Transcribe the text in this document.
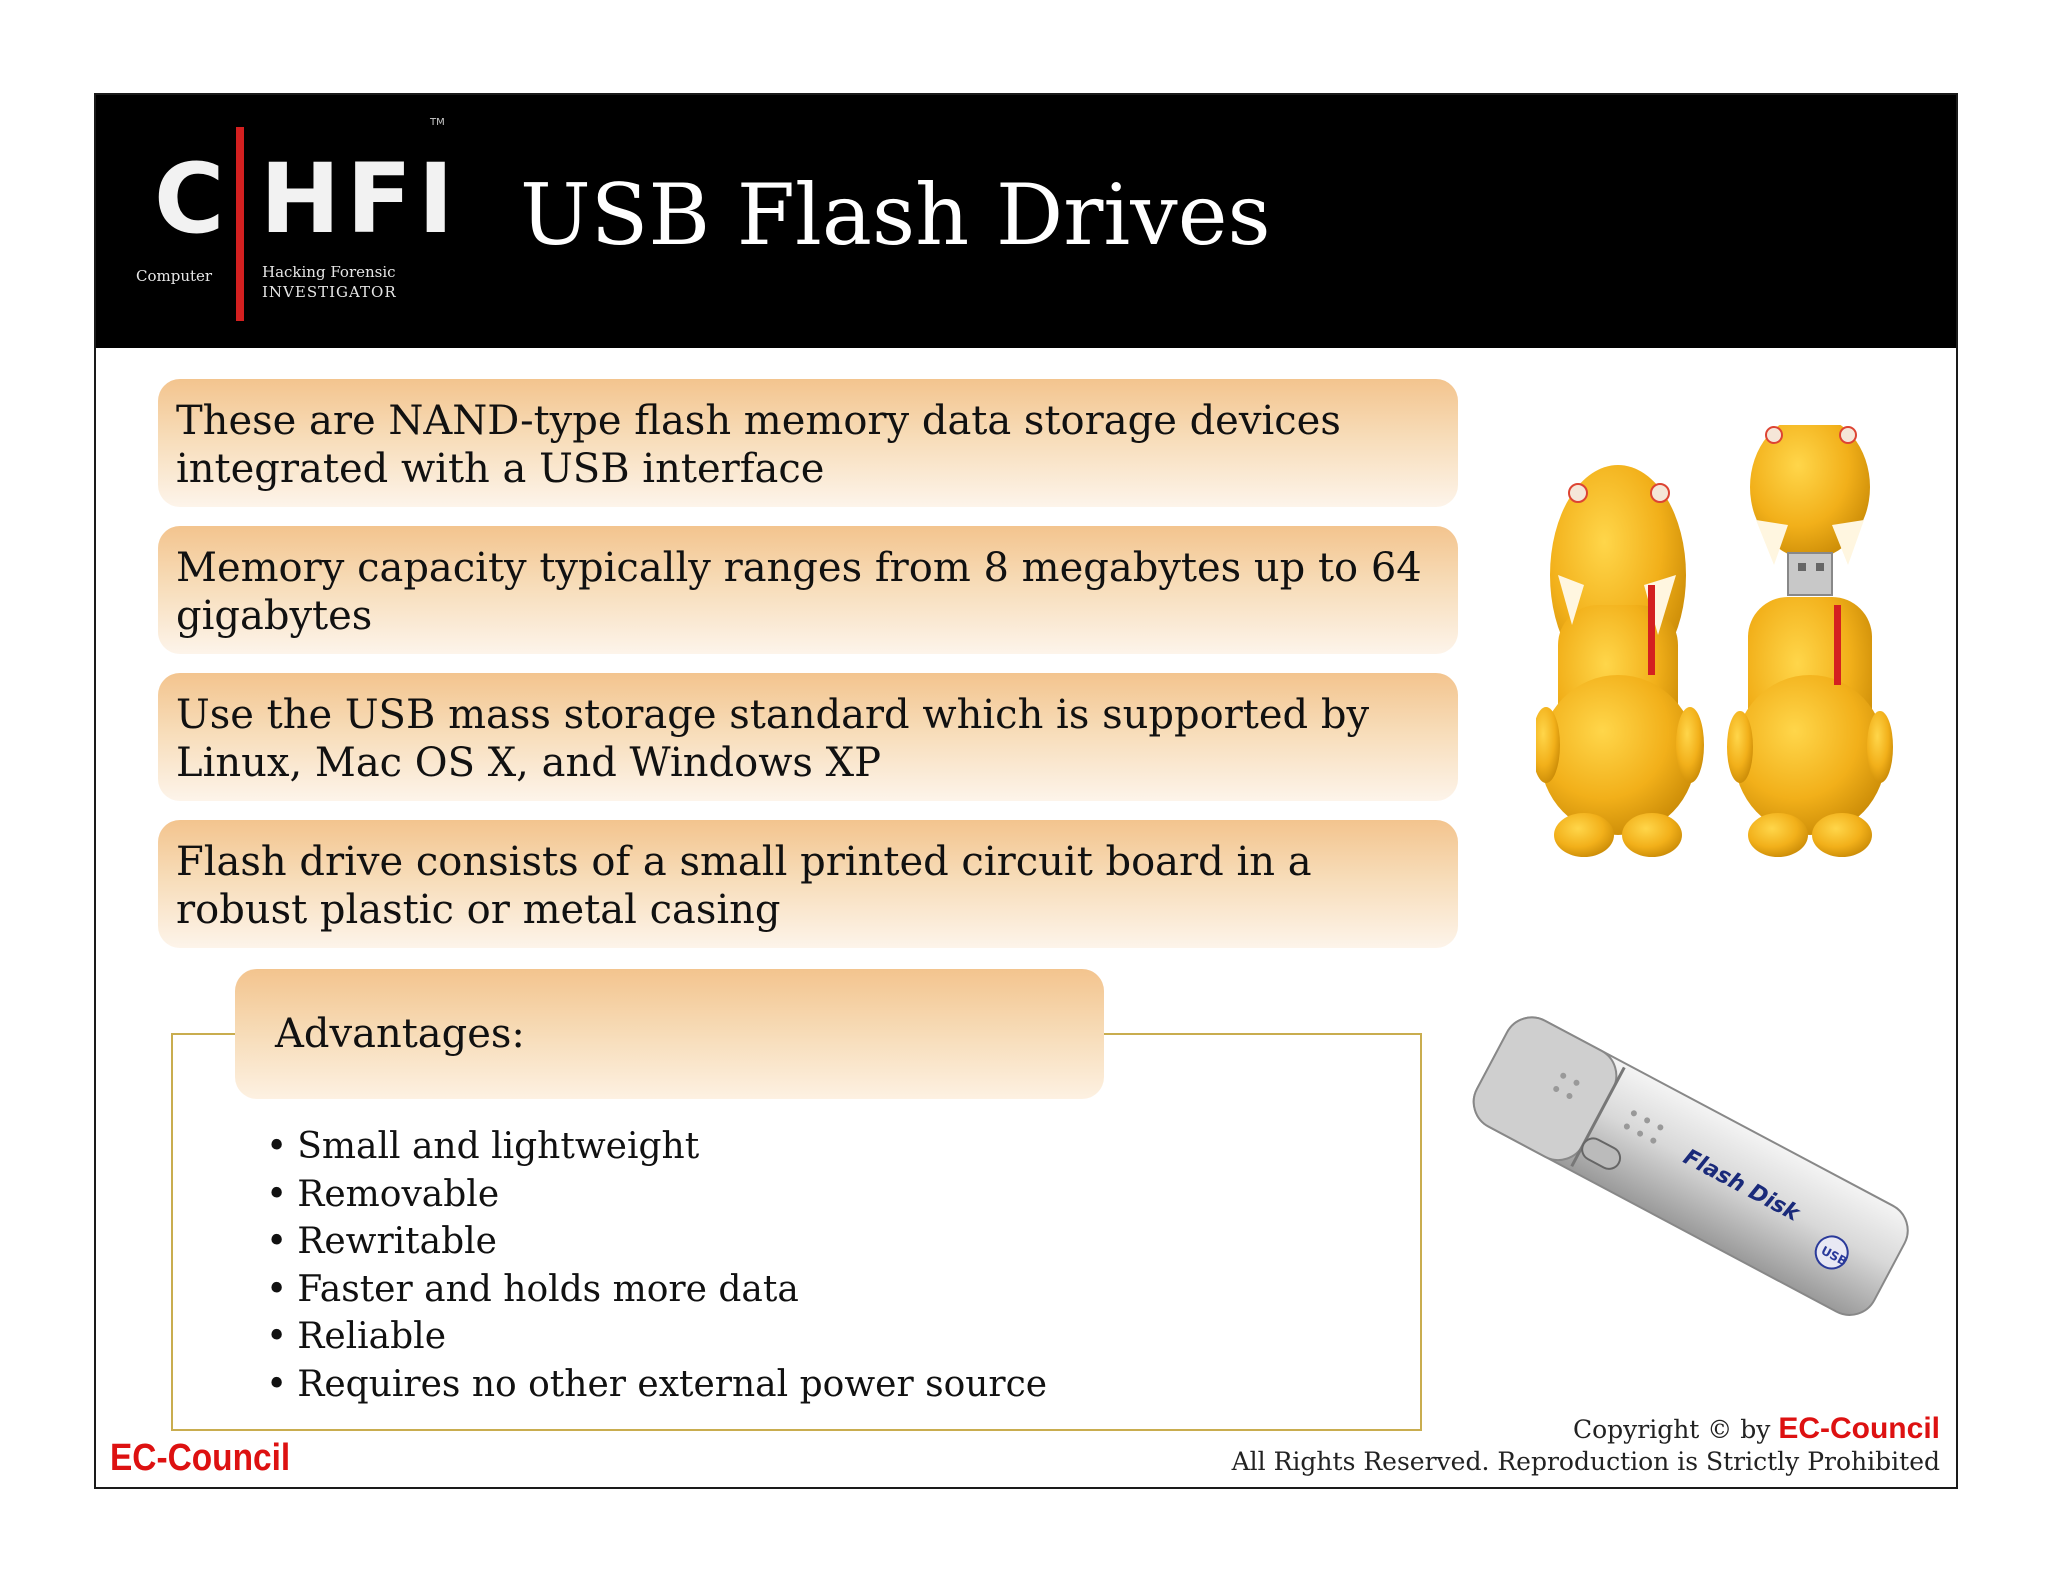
C HFI
TM
Computer	Hacking Forensic
INVESTIGATOR
USB Flash Drives
These are NAND-type flash memory data storage devices integrated with a USB interface
Memory capacity typically ranges from 8 megabytes up to 64 gigabytes
Use the USB mass storage standard which is supported by Linux, Mac OS X, and Windows XP
Flash drive consists of a small printed circuit board in a robust plastic or metal casing
Advantages:
• Small and lightweight
• Removable
• Rewritable
• Faster and holds more data
• Reliable
• Requires no other external power source
Flash Disk
USB
EC-Council
Copyright © by EC-Council
All Rights Reserved. Reproduction is Strictly Prohibited
